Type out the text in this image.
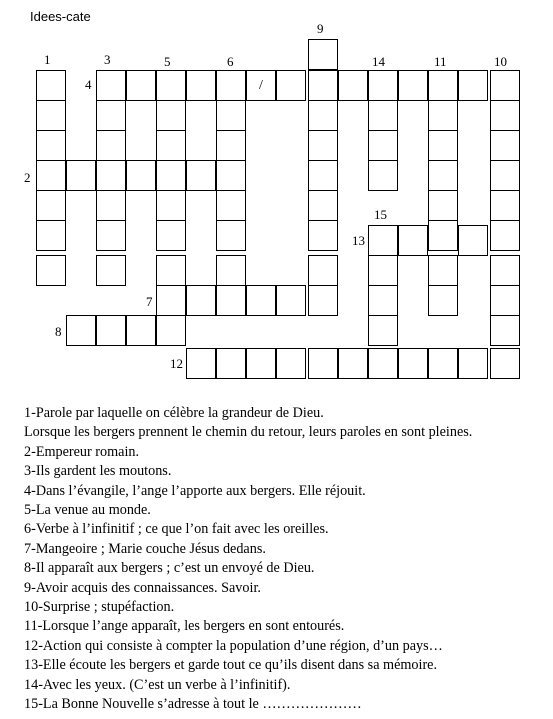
Idees-cate
/
1	3	5	6
9
14	11	10
4
2
15
13
7
8
12
1-Parole par laquelle on célèbre la grandeur de Dieu.
Lorsque les bergers prennent le chemin du retour, leurs paroles en sont pleines.
2-Empereur romain.
3-Ils gardent les moutons.
4-Dans l’évangile, l’ange l’apporte aux bergers. Elle réjouit.
5-La venue au monde.
6-Verbe à l’infinitif ; ce que l’on fait avec les oreilles.
7-Mangeoire ; Marie couche Jésus dedans.
8-Il apparaît aux bergers ; c’est un envoyé de Dieu.
9-Avoir acquis des connaissances. Savoir.
10-Surprise ; stupéfaction.
11-Lorsque l’ange apparaît, les bergers en sont entourés.
12-Action qui consiste à compter la population d’une région, d’un pays…
13-Elle écoute les bergers et garde tout ce qu’ils disent dans sa mémoire.
14-Avec les yeux. (C’est un verbe à l’infinitif).
15-La Bonne Nouvelle s’adresse à tout le …………………
